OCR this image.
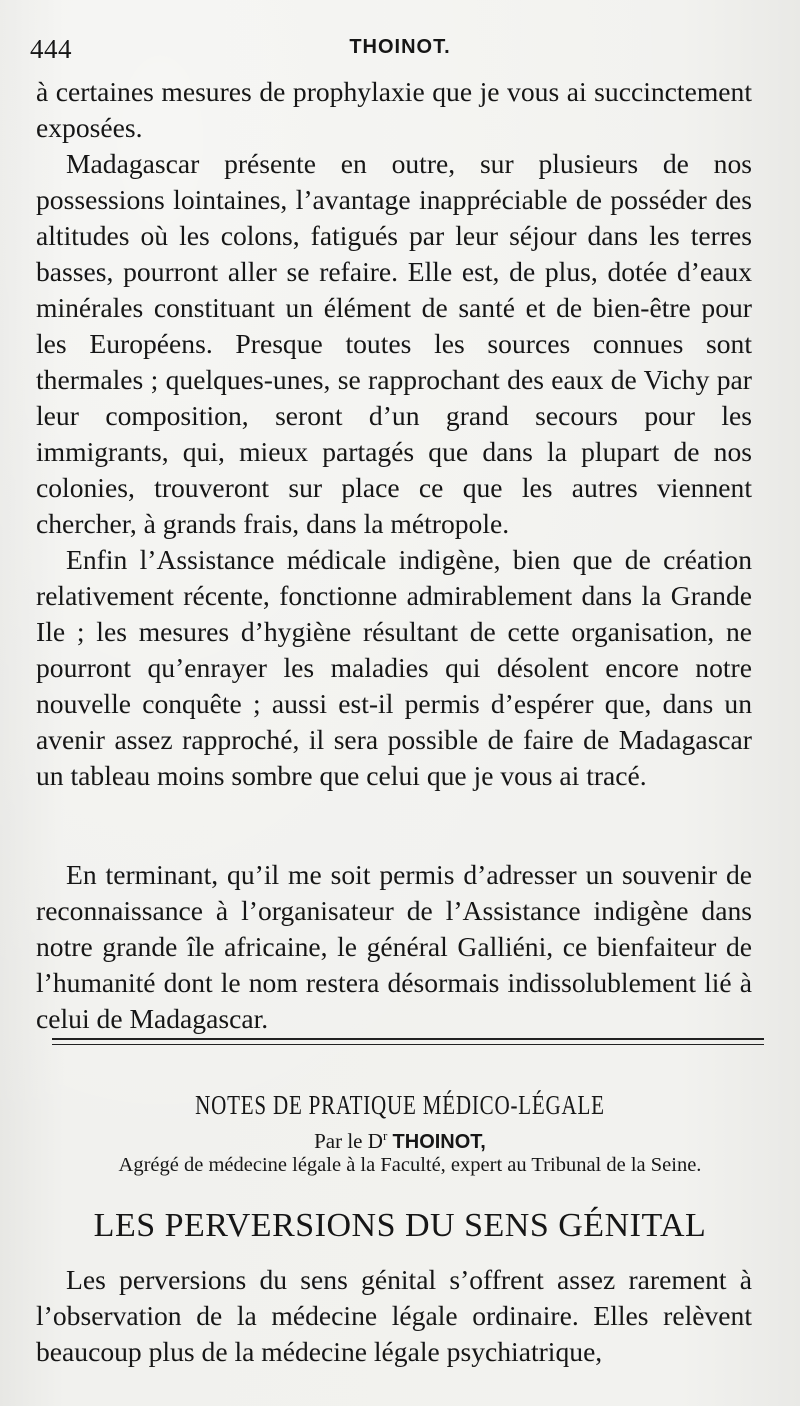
444	THOINOT.

à certaines mesures de prophylaxie que je vous ai succinctement exposées.

Madagascar présente en outre, sur plusieurs de nos possessions lointaines, l’avantage inappréciable de posséder des altitudes où les colons, fatigués par leur séjour dans les terres basses, pourront aller se refaire. Elle est, de plus, dotée d’eaux minérales constituant un élément de santé et de bien-être pour les Européens. Presque toutes les sources connues sont thermales ; quelques-unes, se rapprochant des eaux de Vichy par leur composition, seront d’un grand secours pour les immigrants, qui, mieux partagés que dans la plupart de nos colonies, trouveront sur place ce que les autres viennent chercher, à grands frais, dans la métropole.

Enfin l’Assistance médicale indigène, bien que de création relativement récente, fonctionne admirablement dans la Grande Ile ; les mesures d’hygiène résultant de cette organisation, ne pourront qu’enrayer les maladies qui désolent encore notre nouvelle conquête ; aussi est-il permis d’espérer que, dans un avenir assez rapproché, il sera possible de faire de Madagascar un tableau moins sombre que celui que je vous ai tracé.

En terminant, qu’il me soit permis d’adresser un souvenir de reconnaissance à l’organisateur de l’Assistance indigène dans notre grande île africaine, le général Galliéni, ce bienfaiteur de l’humanité dont le nom restera désormais indissolublement lié à celui de Madagascar.

NOTES DE PRATIQUE MÉDICO-LÉGALE
Par le $D^r$ THOINOT,
Agrégé de médecine légale à la Faculté, expert au Tribunal de la Seine.
LES PERVERSIONS DU SENS GÉNITAL

Les perversions du sens génital s’offrent assez rarement à l’observation de la médecine légale ordinaire. Elles relèvent beaucoup plus de la médecine légale psychiatrique,
